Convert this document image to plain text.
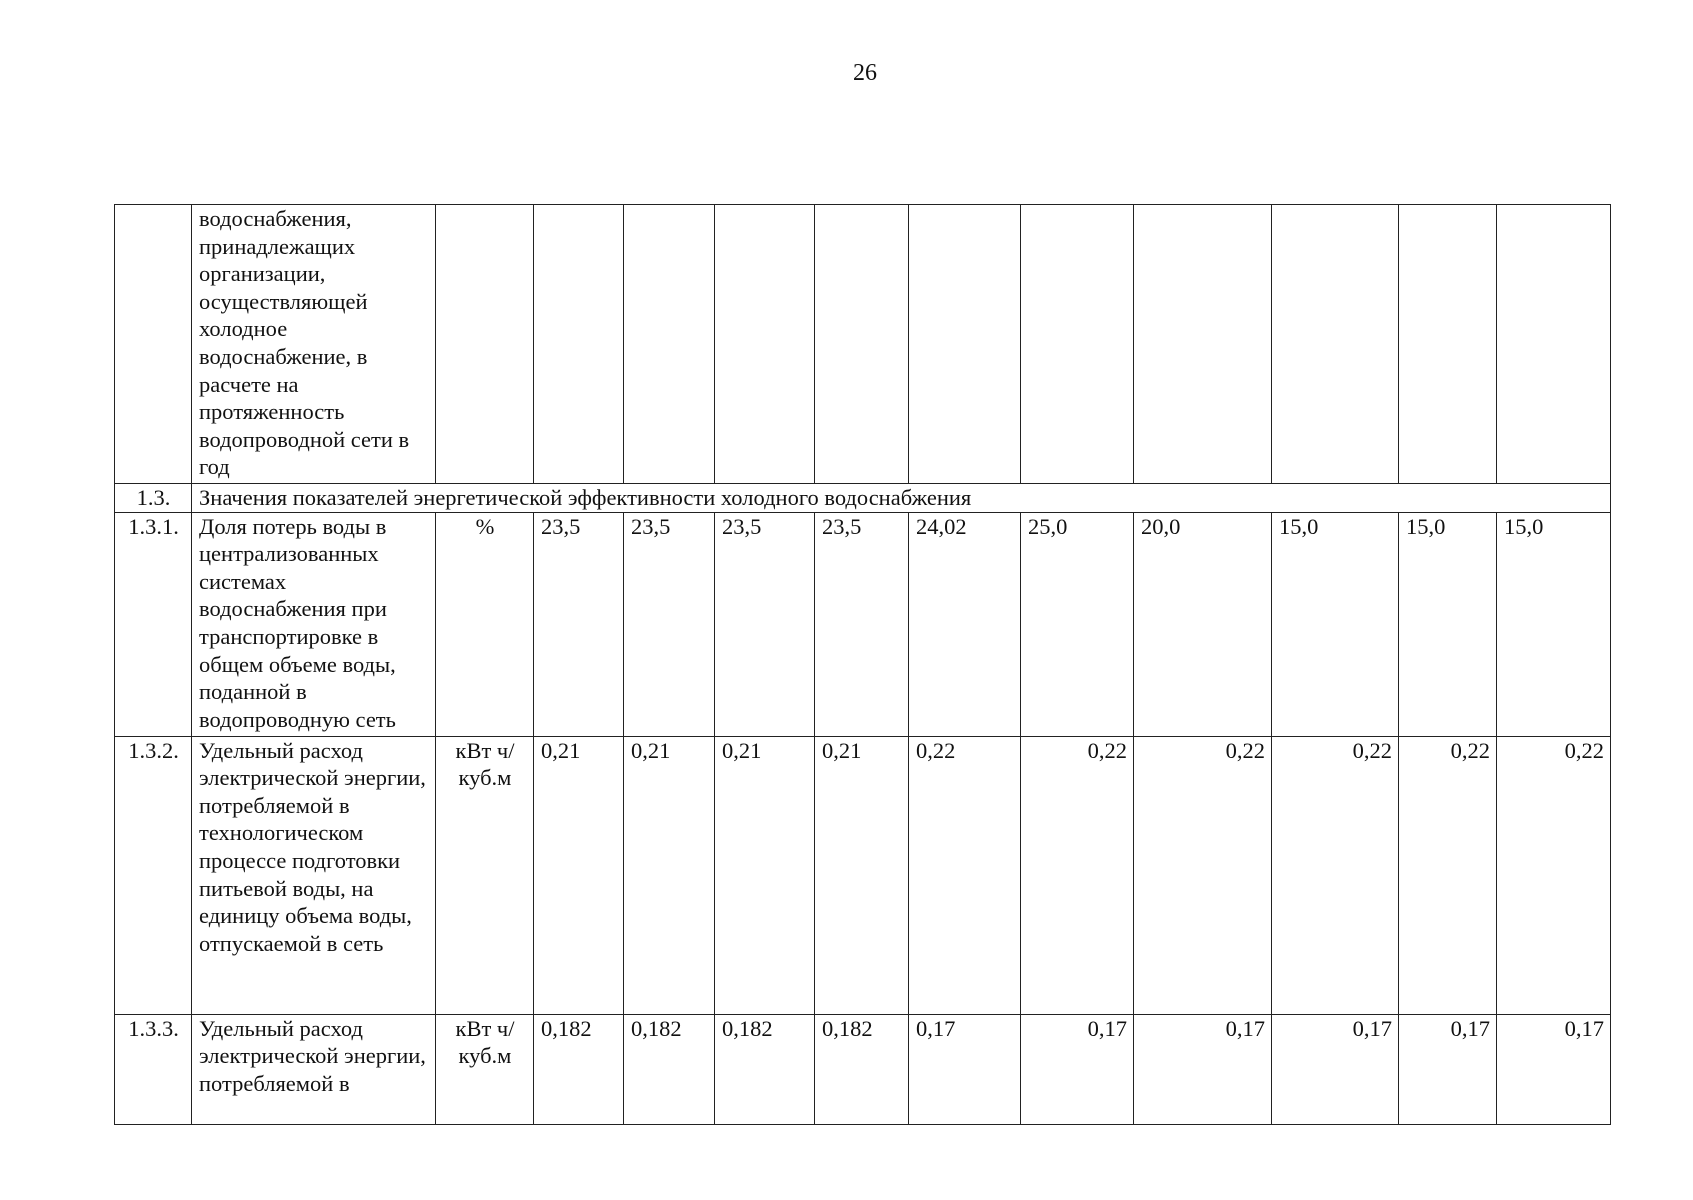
26
	водоснабжения, принадлежащих организации, осуществляющей холодное водоснабжение, в расчете на протяженность водопроводной сети в год											
1.3.	Значения показателей энергетической эффективности холодного водоснабжения											
1.3.1.	Доля потерь воды в централизованных системах водоснабжения при транспортировке в общем объеме воды, поданной в водопроводную сеть	%	23,5	23,5	23,5	23,5	24,02	25,0	20,0	15,0	15,0	15,0
1.3.2.	Удельный расход электрической энергии, потребляемой в технологическом процессе подготовки питьевой воды, на единицу объема воды, отпускаемой в сеть	кВт ч/куб.м	0,21	0,21	0,21	0,21	0,22	0,22	0,22	0,22	0,22	0,22
1.3.3.	Удельный расход электрической энергии, потребляемой в	кВт ч/куб.м	0,182	0,182	0,182	0,182	0,17	0,17	0,17	0,17	0,17	0,17
